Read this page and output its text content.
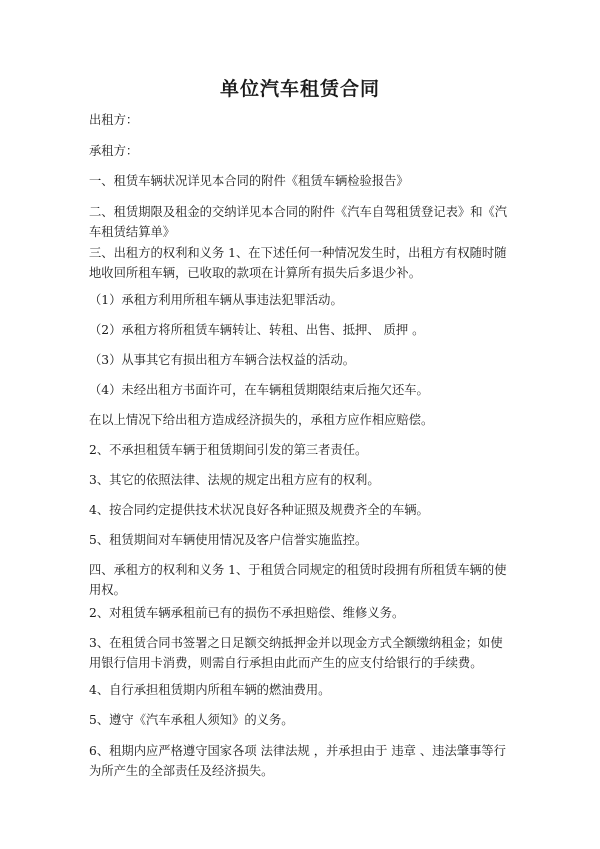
单位汽车租赁合同

出租方：

承租方：

一、租赁车辆状况详见本合同的附件《租赁车辆检验报告》

二、租赁期限及租金的交纳详见本合同的附件《汽车自驾租赁登记表》和《汽车租赁结算单》

三、出租方的权利和义务 1、在下述任何一种情况发生时，出租方有权随时随地收回所租车辆，已收取的款项在计算所有损失后多退少补。

（1）承租方利用所租车辆从事违法犯罪活动。

（2）承租方将所租赁车辆转让、转租、出售、抵押、 质押 。

（3）从事其它有损出租方车辆合法权益的活动。

（4）未经出租方书面许可，在车辆租赁期限结束后拖欠还车。

在以上情况下给出租方造成经济损失的，承租方应作相应赔偿。

2、不承担租赁车辆于租赁期间引发的第三者责任。

3、其它的依照法律、法规的规定出租方应有的权利。

4、按合同约定提供技术状况良好各种证照及规费齐全的车辆。

5、租赁期间对车辆使用情况及客户信誉实施监控。

四、承租方的权利和义务 1、于租赁合同规定的租赁时段拥有所租赁车辆的使用权。

2、对租赁车辆承租前已有的损伤不承担赔偿、维修义务。

3、在租赁合同书签署之日足额交纳抵押金并以现金方式全额缴纳租金；如使用银行信用卡消费，则需自行承担由此而产生的应支付给银行的手续费。

4、自行承担租赁期内所租车辆的燃油费用。

5、遵守《汽车承租人须知》的义务。

6、租期内应严格遵守国家各项 法律法规 ，并承担由于 违章 、违法肇事等行为所产生的全部责任及经济损失。
